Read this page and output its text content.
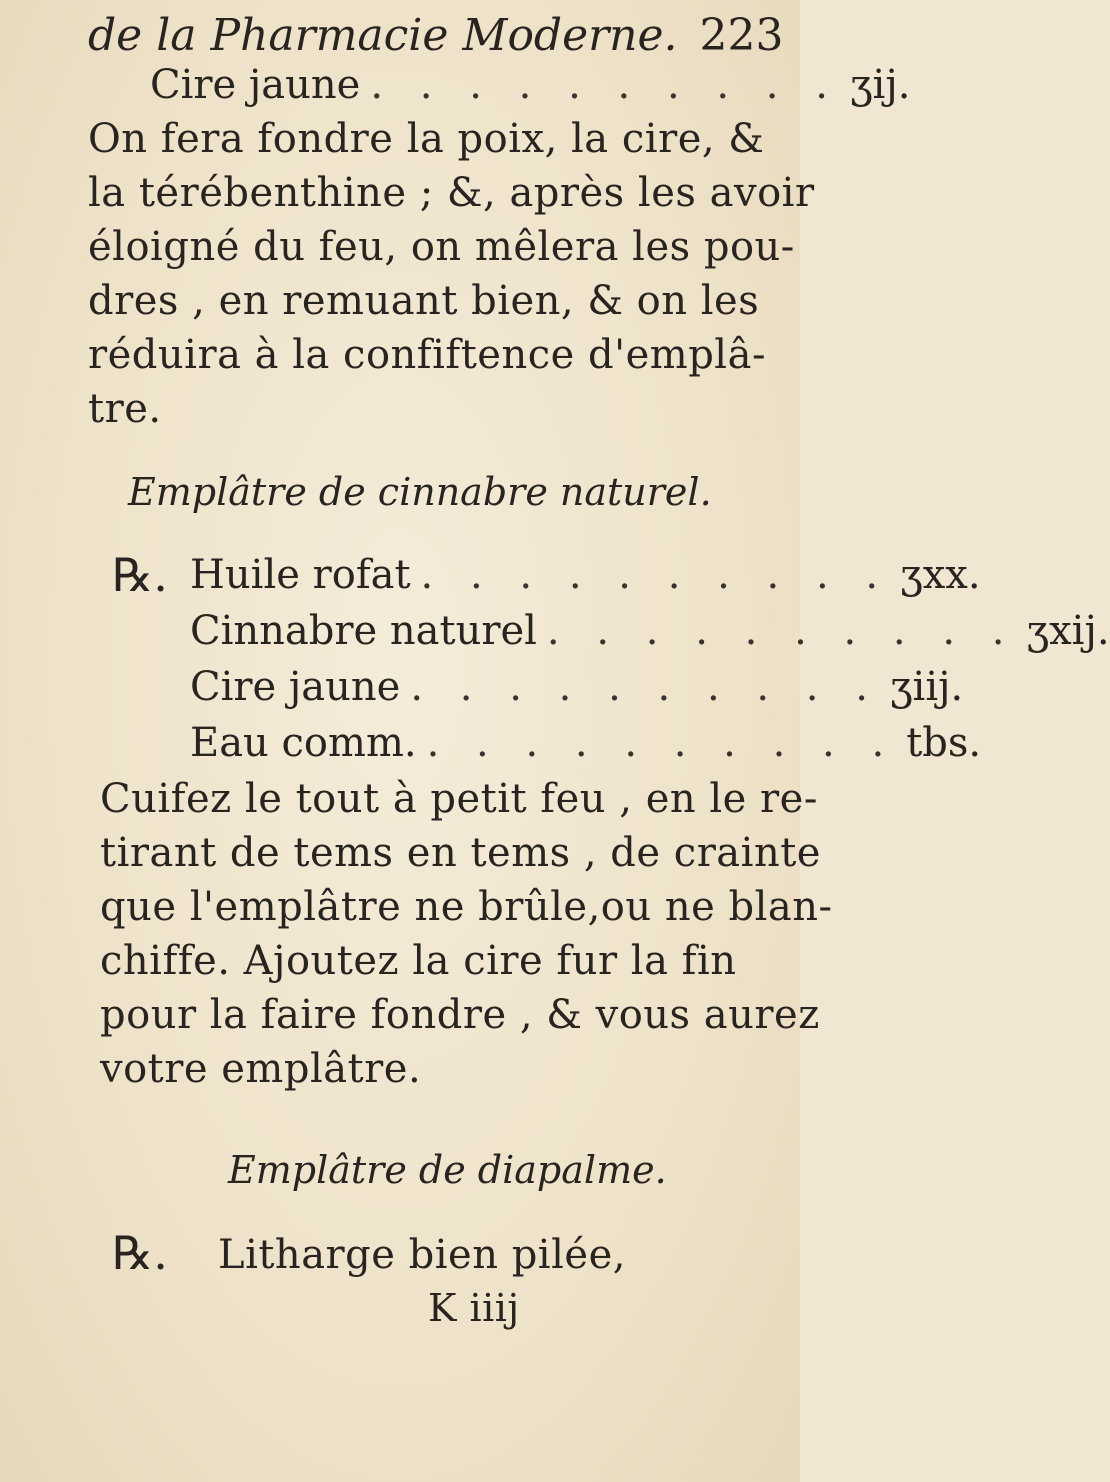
de la Pharmacie Moderne. 223
Cire jaune . . . . . . . . . . ʒij.
On fera fondre la poix, la cire, &
la térébenthine ; &, après les avoir
éloigné du feu, on mêlera les pou-
dres , en remuant bien, & on les
réduira à la confiftence d'emplâ-
tre.
Emplâtre de cinnabre naturel.
℞. Huile rofat . . . . . . . . . . ʒxx.
Cinnabre naturel . . . . . . . . . . ʒxij.
Cire jaune . . . . . . . . . . ʒiij.
Eau comm. . . . . . . . . . . tbs.
Cuifez le tout à petit feu , en le re-
tirant de tems en tems , de crainte
que l'emplâtre ne brûle,ou ne blan-
chiffe. Ajoutez la cire fur la fin
pour la faire fondre , & vous aurez
votre emplâtre.
Emplâtre de diapalme.
℞. Litharge bien pilée,
K iiij
